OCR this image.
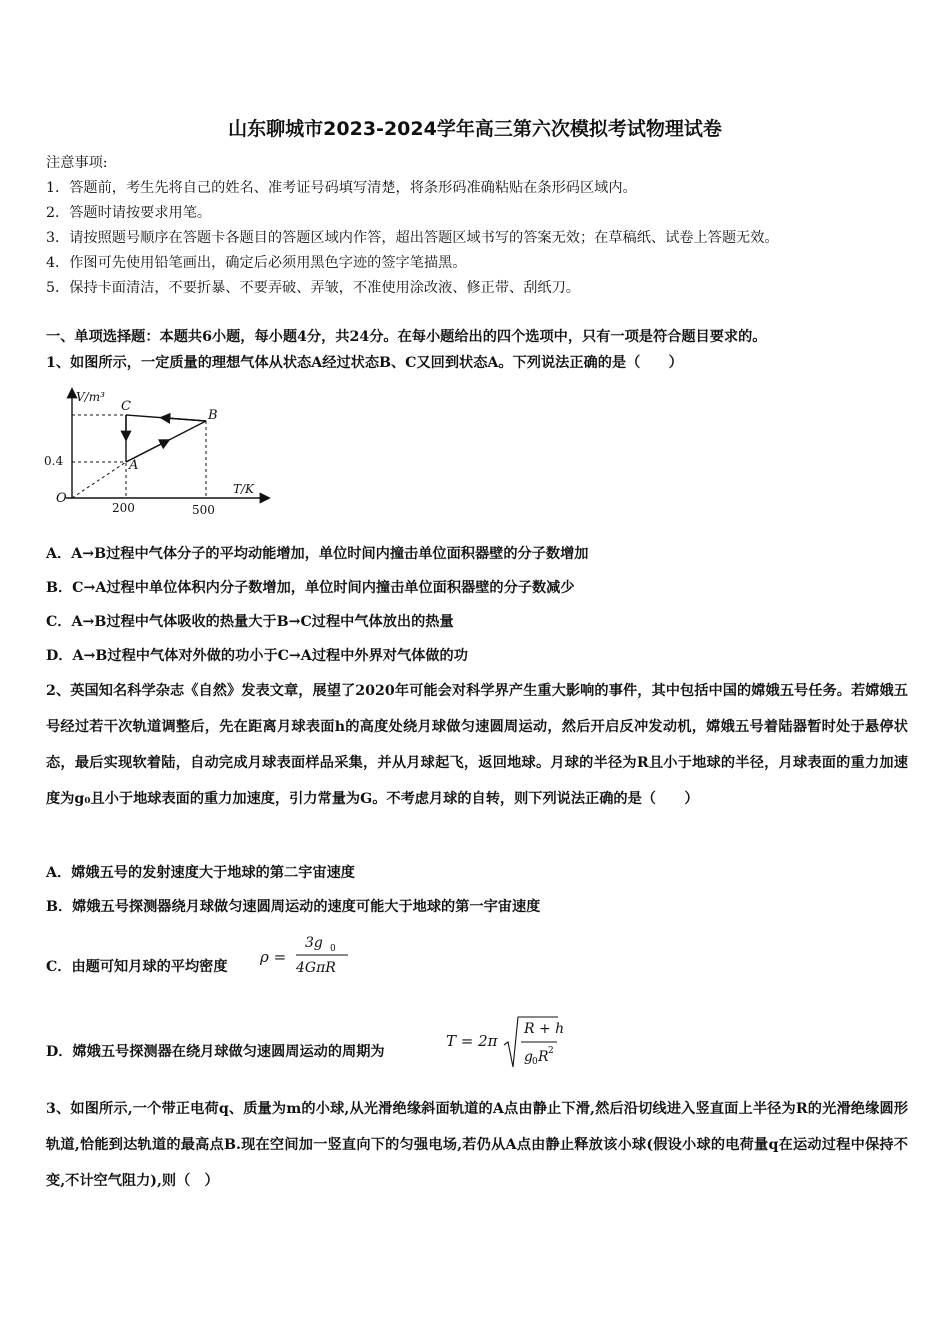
山东聊城市2023-2024学年高三第六次模拟考试物理试卷
注意事项:
1．答题前，考生先将自己的姓名、准考证号码填写清楚，将条形码准确粘贴在条形码区域内。
2．答题时请按要求用笔。
3．请按照题号顺序在答题卡各题目的答题区域内作答，超出答题区域书写的答案无效；在草稿纸、试卷上答题无效。
4．作图可先使用铅笔画出，确定后必须用黑色字迹的签字笔描黑。
5．保持卡面清洁，不要折暴、不要弄破、弄皱，不准使用涂改液、修正带、刮纸刀。
一、单项选择题：本题共6小题，每小题4分，共24分。在每小题给出的四个选项中，只有一项是符合题目要求的。
1、如图所示，一定质量的理想气体从状态A经过状态B、C又回到状态A。下列说法正确的是（　　）
V/m³
T/K
0.4
200	500
O
A
B
C
A．A→B过程中气体分子的平均动能增加，单位时间内撞击单位面积器壁的分子数增加
B．C→A过程中单位体积内分子数增加，单位时间内撞击单位面积器壁的分子数减少
C．A→B过程中气体吸收的热量大于B→C过程中气体放出的热量
D．A→B过程中气体对外做的功小于C→A过程中外界对气体做的功
2、英国知名科学杂志《自然》发表文章，展望了2020年可能会对科学界产生重大影响的事件，其中包括中国的嫦娥五号任务。若嫦娥五号经过若干次轨道调整后，先在距离月球表面h的高度处绕月球做匀速圆周运动，然后开启反冲发动机，嫦娥五号着陆器暂时处于悬停状态，最后实现软着陆，自动完成月球表面样品采集，并从月球起飞，返回地球。月球的半径为R且小于地球的半径，月球表面的重力加速度为g₀且小于地球表面的重力加速度，引力常量为G。不考虑月球的自转，则下列说法正确的是（　　）
A．嫦娥五号的发射速度大于地球的第二宇宙速度
B．嫦娥五号探测器绕月球做匀速圆周运动的速度可能大于地球的第一宇宙速度
C．由题可知月球的平均密度
ρ =
3g 0
4GπR
D．嫦娥五号探测器在绕月球做匀速圆周运动的周期为
T = 2π
R + h
g 0 R 2
3、如图所示,一个带正电荷q、质量为m的小球,从光滑绝缘斜面轨道的A点由静止下滑,然后沿切线进入竖直面上半径为R的光滑绝缘圆形轨道,恰能到达轨道的最高点B.现在空间加一竖直向下的匀强电场,若仍从A点由静止释放该小球(假设小球的电荷量q在运动过程中保持不变,不计空气阻力),则（　）
